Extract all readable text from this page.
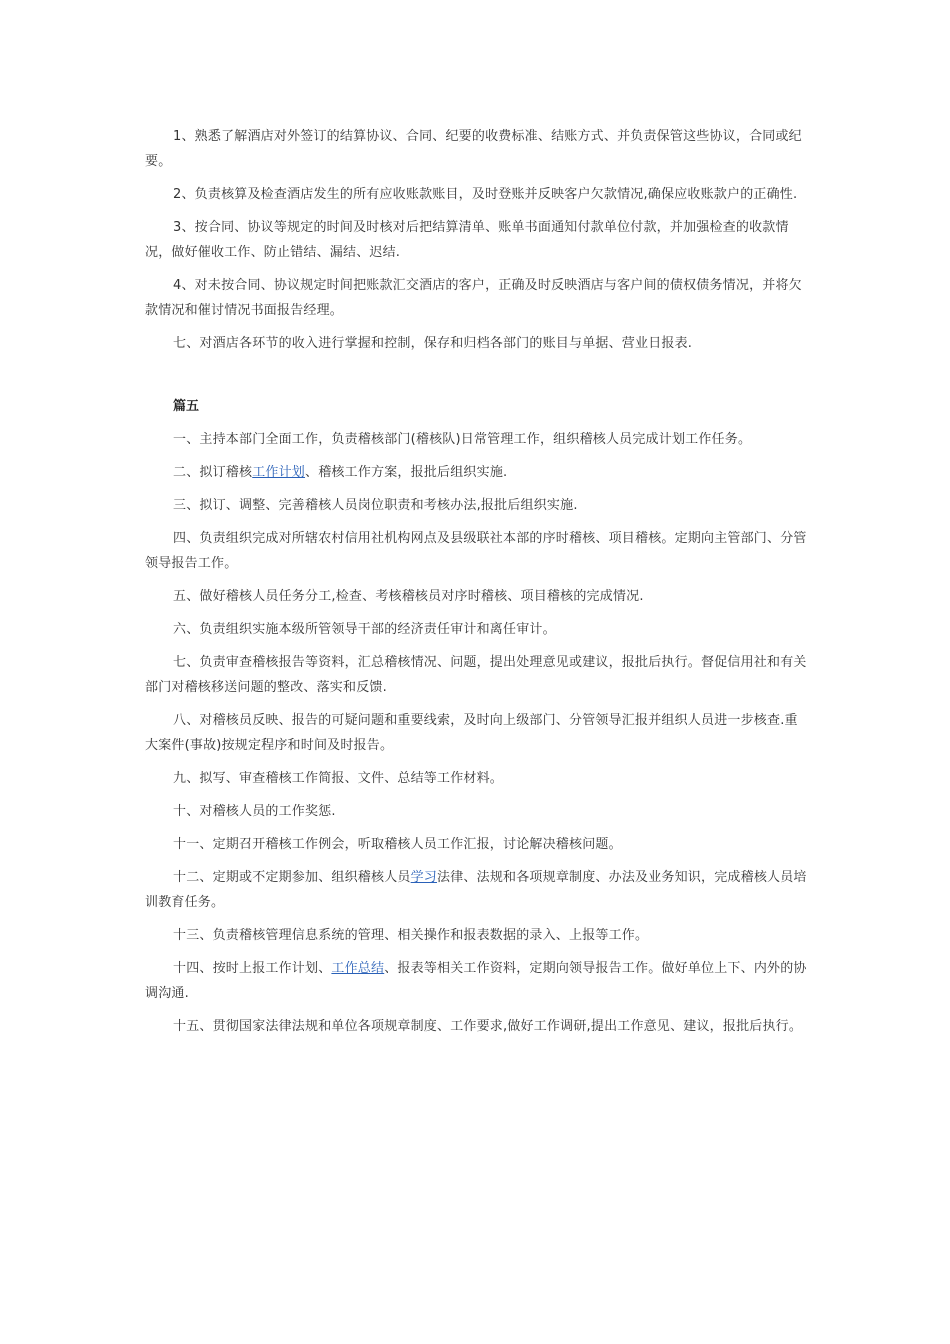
1、熟悉了解酒店对外签订的结算协议、合同、纪要的收费标准、结账方式、并负责保管这些协议，合同或纪要。

2、负责核算及检查酒店发生的所有应收账款账目，及时登账并反映客户欠款情况,确保应收账款户的正确性.

3、按合同、协议等规定的时间及时核对后把结算清单、账单书面通知付款单位付款，并加强检查的收款情况，做好催收工作、防止错结、漏结、迟结.

4、对未按合同、协议规定时间把账款汇交酒店的客户，正确及时反映酒店与客户间的债权债务情况，并将欠款情况和催讨情况书面报告经理。

七、对酒店各环节的收入进行掌握和控制，保存和归档各部门的账目与单据、营业日报表.

篇五

一、主持本部门全面工作，负责稽核部门(稽核队)日常管理工作，组织稽核人员完成计划工作任务。

二、拟订稽核工作计划、稽核工作方案，报批后组织实施.

三、拟订、调整、完善稽核人员岗位职责和考核办法,报批后组织实施.

四、负责组织完成对所辖农村信用社机构网点及县级联社本部的序时稽核、项目稽核。定期向主管部门、分管领导报告工作。

五、做好稽核人员任务分工,检查、考核稽核员对序时稽核、项目稽核的完成情况.

六、负责组织实施本级所管领导干部的经济责任审计和离任审计。

七、负责审查稽核报告等资料，汇总稽核情况、问题，提出处理意见或建议，报批后执行。督促信用社和有关部门对稽核移送问题的整改、落实和反馈.

八、对稽核员反映、报告的可疑问题和重要线索，及时向上级部门、分管领导汇报并组织人员进一步核查.重大案件(事故)按规定程序和时间及时报告。

九、拟写、审查稽核工作简报、文件、总结等工作材料。

十、对稽核人员的工作奖惩.

十一、定期召开稽核工作例会，听取稽核人员工作汇报，讨论解决稽核问题。

十二、定期或不定期参加、组织稽核人员学习法律、法规和各项规章制度、办法及业务知识，完成稽核人员培训教育任务。

十三、负责稽核管理信息系统的管理、相关操作和报表数据的录入、上报等工作。

十四、按时上报工作计划、工作总结、报表等相关工作资料，定期向领导报告工作。做好单位上下、内外的协调沟通.

十五、贯彻国家法律法规和单位各项规章制度、工作要求,做好工作调研,提出工作意见、建议，报批后执行。
